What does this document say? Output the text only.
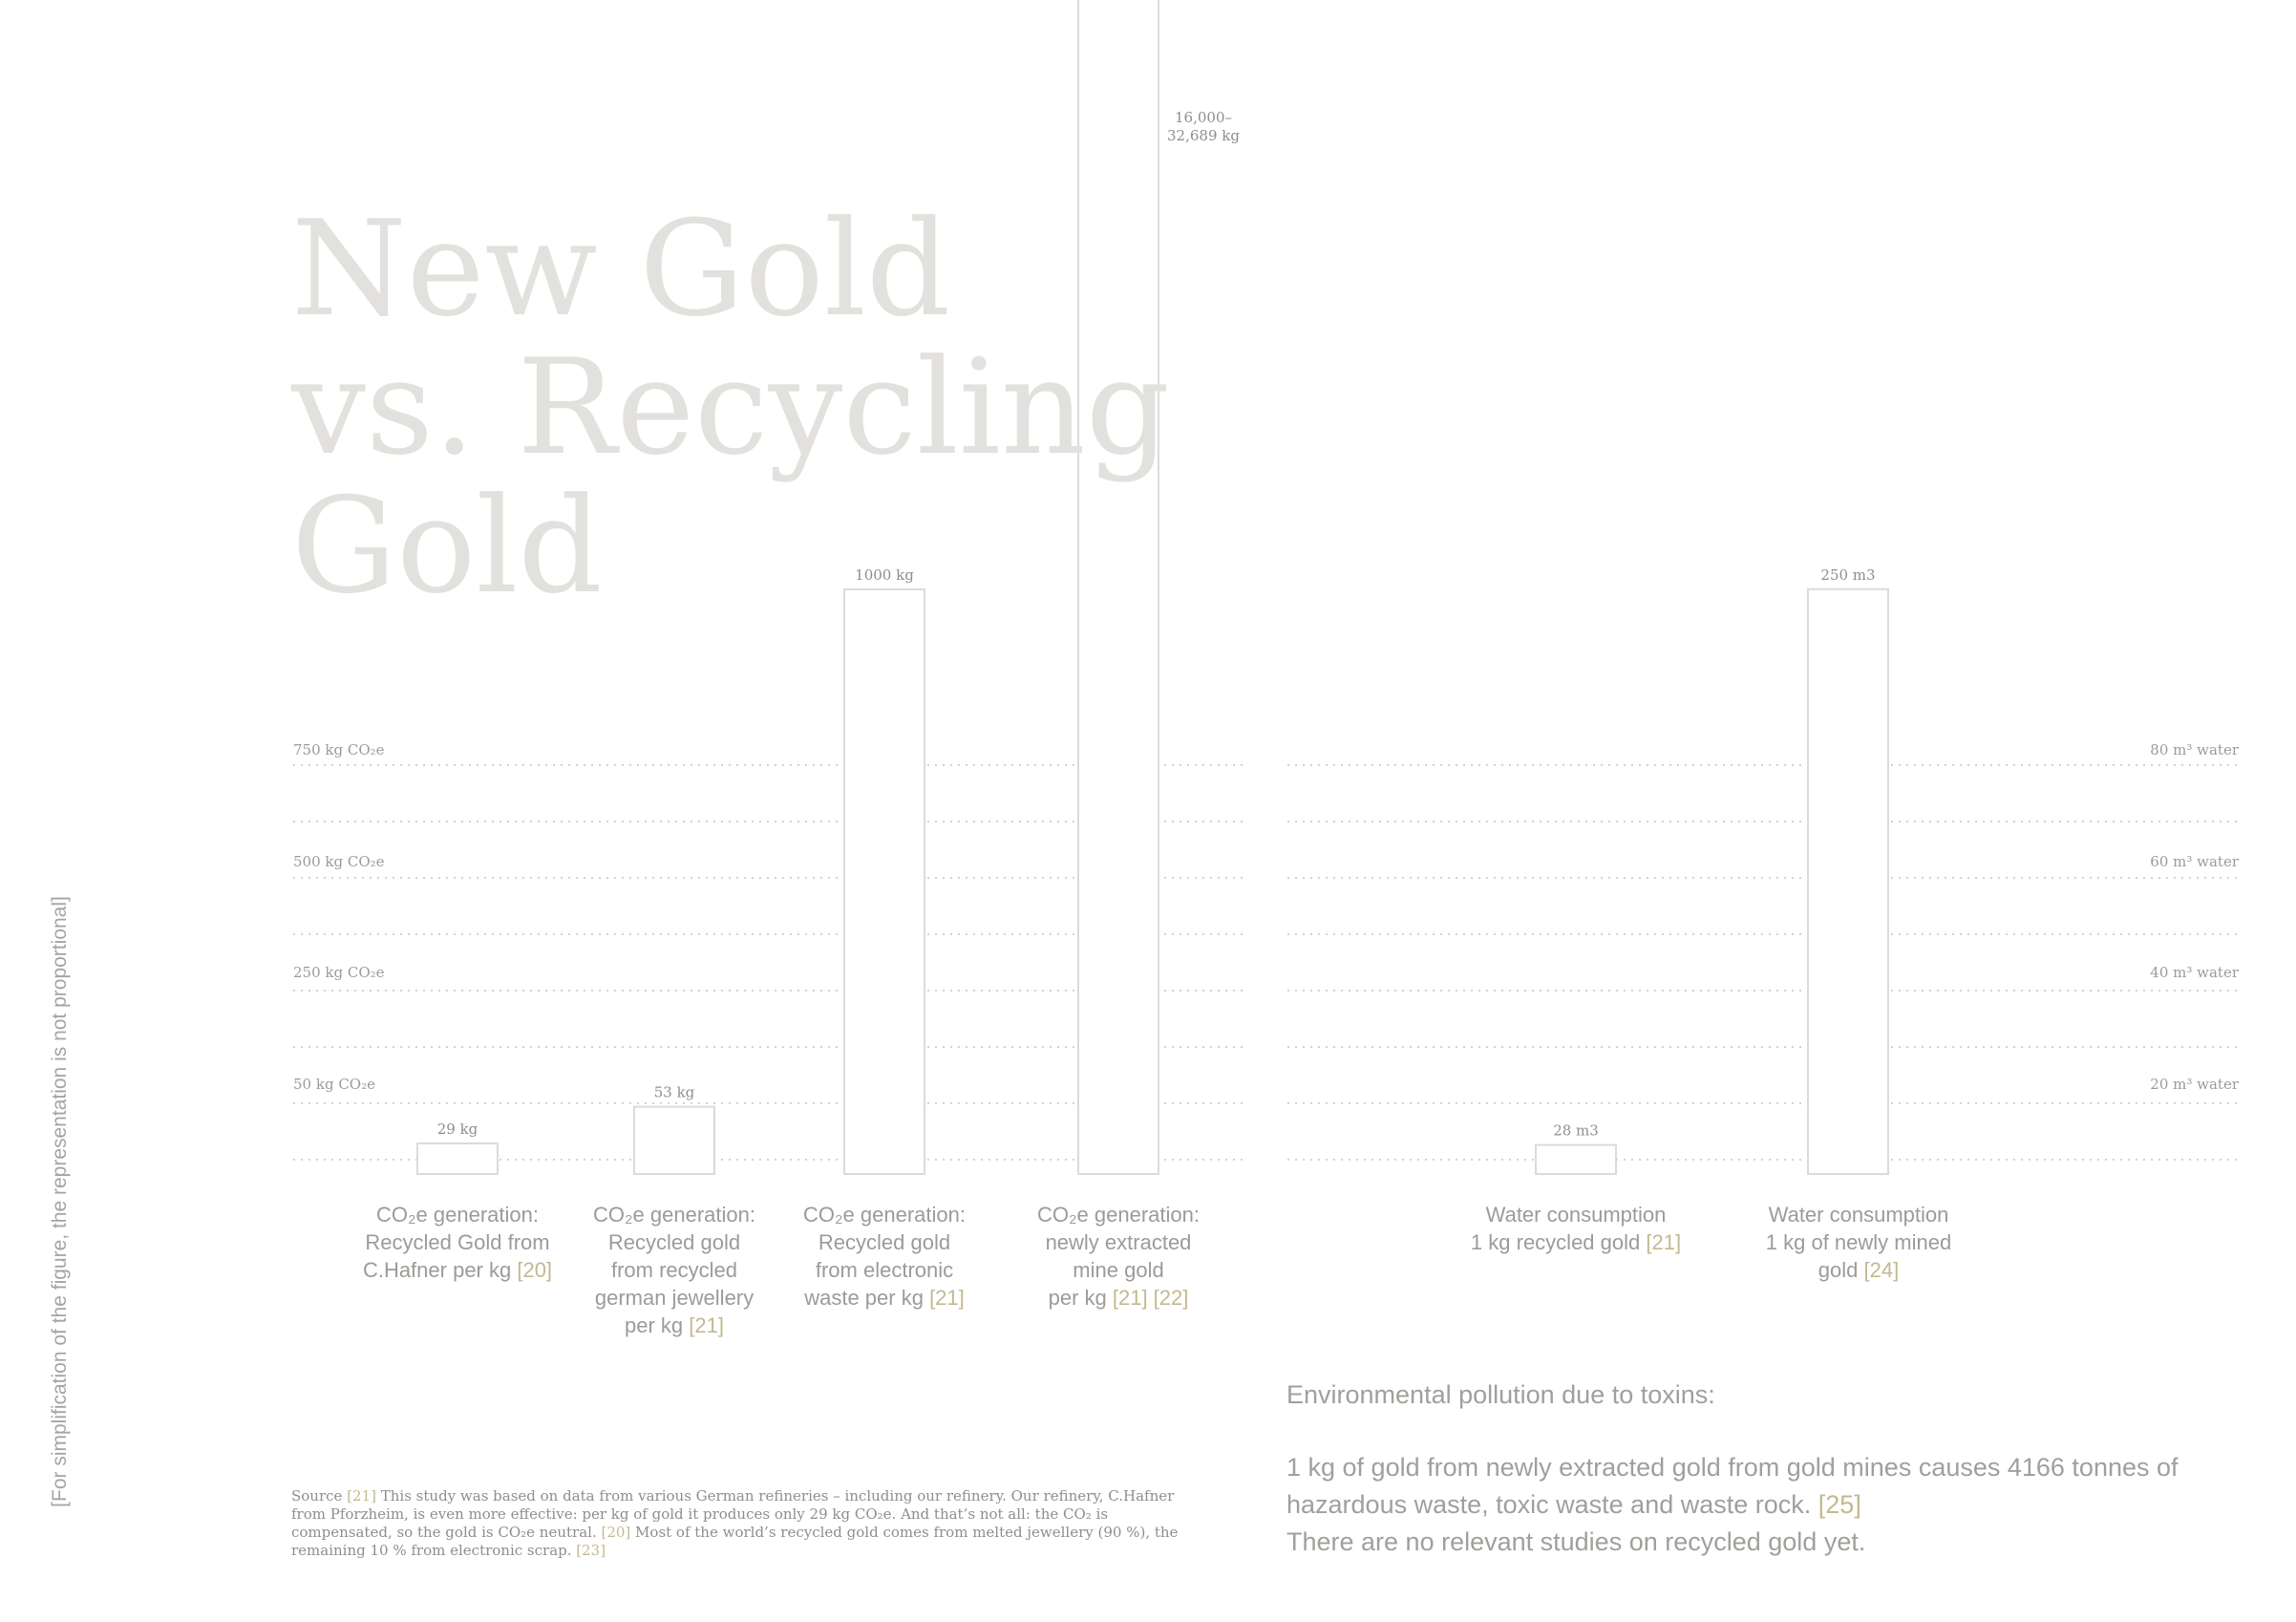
750 kg CO₂e
500 kg CO₂e
250 kg CO₂e
50 kg CO₂e
80 m³ water
60 m³ water
40 m³ water
20 m³ water
29 kg
53 kg
1000 kg
16,000–
32,689 kg
28 m3
250 m3

New Gold

vs. Recycling

Gold

[For simplification of the figure, the representation is not proportional]	CO₂e generation:
Recycled Gold from
C.Hafner per kg [20]
CO₂e generation:
Recycled gold
from recycled
german jewellery
per kg [21]
CO₂e generation:
Recycled gold
from electronic
waste per kg [21]
CO₂e generation:
newly extracted
mine gold
per kg [21] [22]
Water consumption
1 kg recycled gold [21]
Water consumption
1 kg of newly mined
gold [24]
Source [21] This study was based on data from various German refineries – including our refinery. Our refinery, C.Hafner from Pforzheim, is even more effective: per kg of gold it produces only 29 kg CO₂e. And that’s not all: the CO₂ is compensated, so the gold is CO₂e neutral. [20] Most of the world’s recycled gold comes from melted jewellery (90 %), the remaining 10 % from electronic scrap. [23]
Environmental pollution due to toxins:
1 kg of gold from newly extracted gold from gold mines causes 4166 tonnes of hazardous waste, toxic waste and waste rock. [25]
There are no relevant studies on recycled gold yet.
